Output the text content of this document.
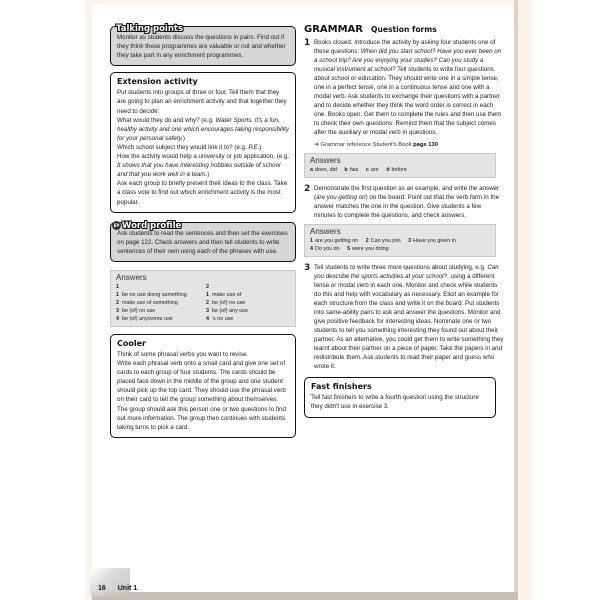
16 Unit 1
Talking points
Monitor as students discuss the questions in pairs. Find out if they think these programmes are valuable or not and whether they take part in any enrichment programmes.
Extension activity
Put students into groups of three or four. Tell them that they are going to plan an enrichment activity and that together they need to decide:
What would they do and why? (e.g. Water Sports. It's a fun, healthy activity and one which encourages taking responsibility for your personal safety.)
Which school subject they would link it to? (e.g. P.E.)
How the activity would help a university or job application. (e.g. It shows that you have interesting hobbies outside of school and that you work well in a team.)
Ask each group to briefly present their ideas to the class. Take a class vote to find out which enrichment activity is the most popular.
EP Word profile
Ask students to read the sentences and then set the exercises on page 122. Check answers and then tell students to write sentences of their own using each of the phrases with use.
Answers
1
1 be no use doing something
2 make use of something
3 be (of) no use
4 be (of) any/some use
2
1 make use of
2 be (of) no use
3 be (of) any use
4 's no use
Cooler
Think of some phrasal verbs you want to revise.
Write each phrasal verb onto a small card and give one set of cards to each group of four students. The cards should be placed face down in the middle of the group and one student should pick up the top card. They should use the phrasal verb on their card to tell the group something about themselves. The group should ask this person one or two questions to find out more information. The group then continues with students taking turns to pick a card.
GRAMMAR Question forms
1 Books closed. Introduce the activity by asking four students one of these questions: When did you start school? Have you ever been on a school trip? Are you enjoying your studies? Can you study a musical instrument at school? Tell students to write four questions about school or education. They should write one in a simple tense, one in a perfect tense, one in a continuous tense and one with a modal verb. Ask students to exchange their questions with a partner and to decide whether they think the word order is correct in each one. Books open. Get them to complete the rules and then use them to check their own questions. Remind them that the subject comes after the auxiliary or modal verb in questions.
➔ Grammar reference Student's Book page 130
Answers
a does, did b has c are d before
2 Demonstrate the first question as an example, and write the answer (are you getting on) on the board. Point out that the verb form in the answer matches the one in the question. Give students a few minutes to complete the questions, and check answers.
Answers
1 are you getting on 2 Can you join 3 Have you given in
4 Do you do 5 were you doing
3 Tell students to write three more questions about studying, e.g. Can you describe the sports activities at your school?, using a different tense or modal verb in each one. Monitor and check while students do this and help with vocabulary as necessary. Elicit an example for each structure from the class and write it on the board. Put students into same-ability pairs to ask and answer the questions. Monitor and give positive feedback for interesting ideas. Nominate one or two students to tell you something interesting they found out about their partner. As an alternative, you could get them to write something they learnt about their partner on a piece of paper. Take the papers in and redistribute them. Ask students to read their paper and guess who wrote it.
Fast finishers
Tell fast finishers to write a fourth question using the structure they didn't use in exercise 3.
